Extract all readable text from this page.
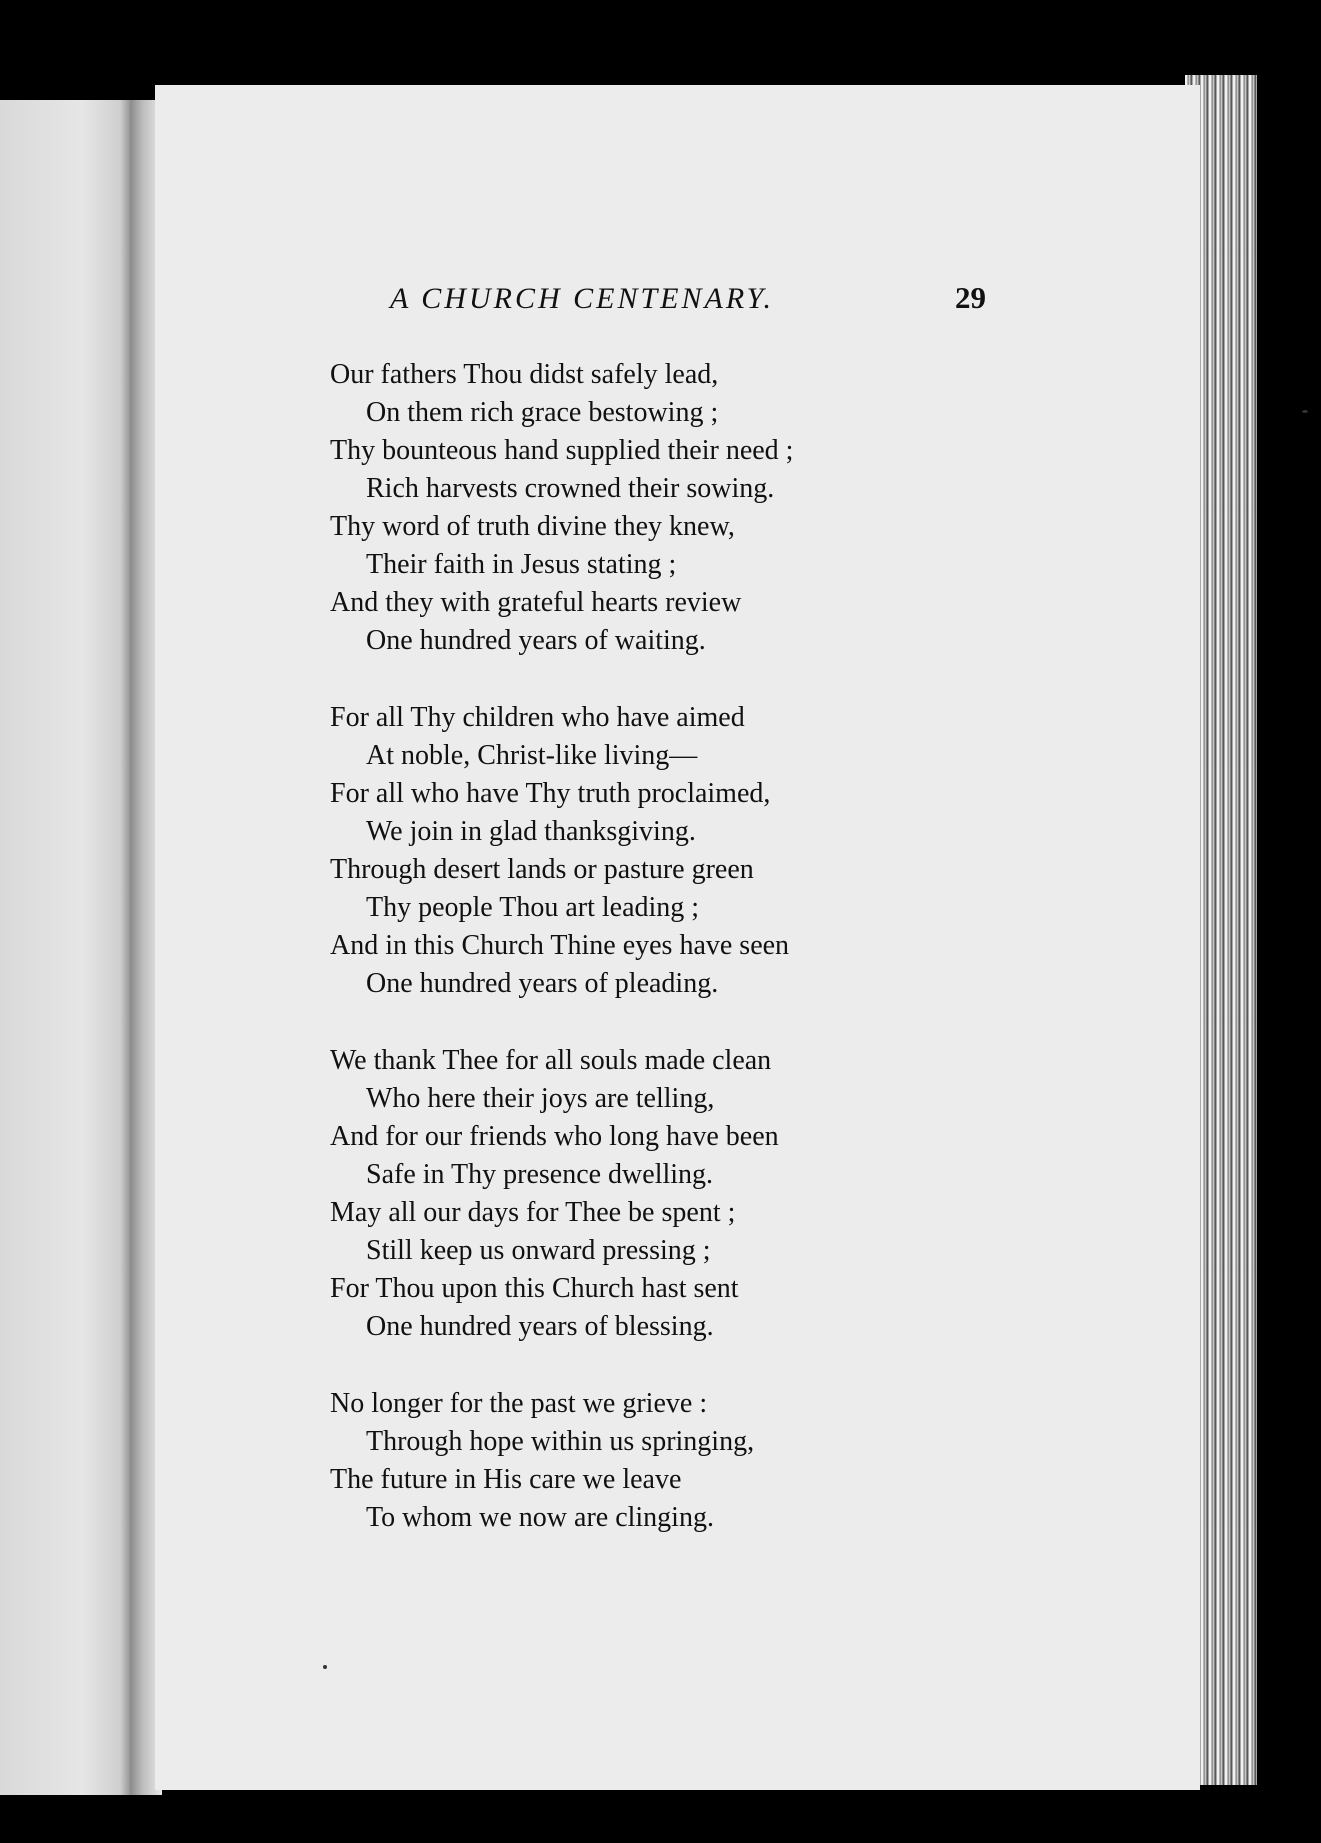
A CHURCH CENTENARY.	29
Our fathers Thou didst safely lead,
On them rich grace bestowing ;
Thy bounteous hand supplied their need ;
Rich harvests crowned their sowing.
Thy word of truth divine they knew,
Their faith in Jesus stating ;
And they with grateful hearts review
One hundred years of waiting.
For all Thy children who have aimed
At noble, Christ-like living—
For all who have Thy truth proclaimed,
We join in glad thanksgiving.
Through desert lands or pasture green
Thy people Thou art leading ;
And in this Church Thine eyes have seen
One hundred years of pleading.
We thank Thee for all souls made clean
Who here their joys are telling,
And for our friends who long have been
Safe in Thy presence dwelling.
May all our days for Thee be spent ;
Still keep us onward pressing ;
For Thou upon this Church hast sent
One hundred years of blessing.
No longer for the past we grieve :
Through hope within us springing,
The future in His care we leave
To whom we now are clinging.
